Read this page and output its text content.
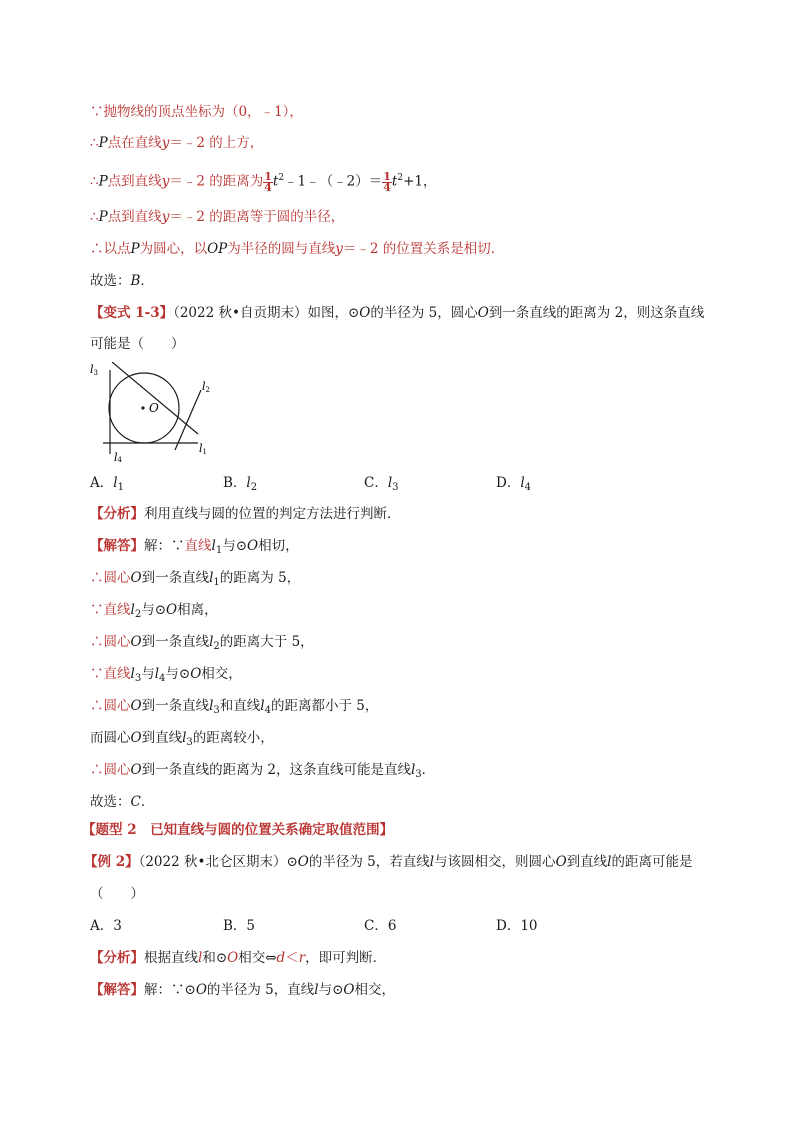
∵抛物线的顶点坐标为（0，﹣1），
∴P点在直线y＝﹣2 的上方，
∴P点到直线y＝﹣2 的距离为 $\frac{1}{4}$ $t^2﹣1﹣(﹣2)= \frac{1}{4} t^2+1$，
∴P点到直线y＝﹣2 的距离等于圆的半径，
∴以点P为圆心，以OP为半径的圆与直线y＝﹣2 的位置关系是相切．
故选：B．
【变式 1-3】（2022 秋•自贡期末）如图，⊙O的半径为 5，圆心O到一条直线的距离为 2，则这条直线
可能是（　　）
O
l3
l2
l1
l4
A．$l_1$	B．$l_2$	C．$l_3$	D．$l_4$
【分析】利用直线与圆的位置的判定方法进行判断．
【解答】解：∵直线$l_1$与⊙O相切，
∴圆心O到一条直线$l_1$的距离为 5，
∵直线$l_2$与⊙O相离，
∴圆心O到一条直线$l_2$的距离大于 5，
∵直线$l_3$与$l_4$与⊙O相交，
∴圆心O到一条直线$l_3$和直线$l_4$的距离都小于 5，
而圆心O到直线$l_3$的距离较小，
∴圆心O到一条直线的距离为 2，这条直线可能是直线$l_3$．
故选：C．
【题型 2　已知直线与圆的位置关系确定取值范围】
【例 2】（2022 秋•北仑区期末）⊙O的半径为 5，若直线l与该圆相交，则圆心O到直线l的距离可能是
（　　）
A．3	B．5	C．6	D．10
【分析】根据直线l和⊙O相交⇔d＜r，即可判断．
【解答】解：∵⊙O的半径为 5，直线l与⊙O相交，
